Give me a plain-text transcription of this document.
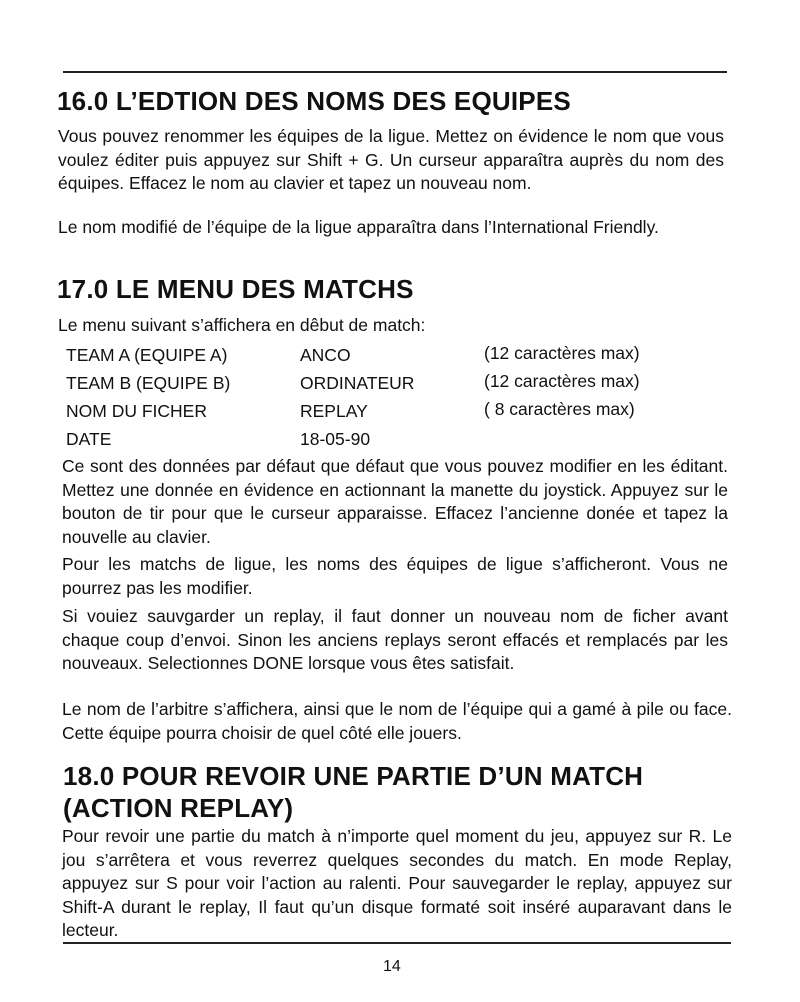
16.0 L’EDTION DES NOMS DES EQUIPES

Vous pouvez renommer les équipes de la ligue. Mettez on évidence le nom que vous voulez éditer puis appuyez sur Shift + G. Un curseur apparaîtra auprès du nom des équipes. Effacez le nom au clavier et tapez un nouveau nom.

Le nom modifié de l’équipe de la ligue apparaîtra dans l’International Friendly.

17.0 LE MENU DES MATCHS

Le menu suivant s’affichera en dêbut de match:

TEAM A (EQUIPE A)	ANCO	(12 caractères max)
TEAM B (EQUIPE B)	ORDINATEUR	(12 caractères max)
NOM DU FICHER	REPLAY	( 8 caractères max)
DATE	18-05-90

Ce sont des données par défaut que défaut que vous pouvez modifier en les éditant. Mettez une donnée en évidence en actionnant la manette du joystick. Appuyez sur le bouton de tir pour que le curseur apparaisse. Effacez l’ancienne donée et tapez la nouvelle au clavier.

Pour les matchs de ligue, les noms des équipes de ligue s’afficheront. Vous ne pourrez pas les modifier.

Si vouiez sauvgarder un replay, il faut donner un nouveau nom de ficher avant chaque coup d’envoi. Sinon les anciens replays seront effacés et remplacés par les nouveaux. Selectionnes DONE lorsque vous êtes satisfait.

Le nom de l’arbitre s’affichera, ainsi que le nom de l’équipe qui a gamé à pile ou face. Cette équipe pourra choisir de quel côté elle jouers.

18.0 POUR REVOIR UNE PARTIE D’UN MATCH
(ACTION REPLAY)

Pour revoir une partie du match à n’importe quel moment du jeu, appuyez sur R. Le jou s’arrêtera et vous reverrez quelques secondes du match. En mode Replay, appuyez sur S pour voir l’action au ralenti. Pour sauvegarder le replay, appuyez sur Shift-A durant le replay, Il faut qu’un disque formaté soit inséré auparavant dans le lecteur.

14
